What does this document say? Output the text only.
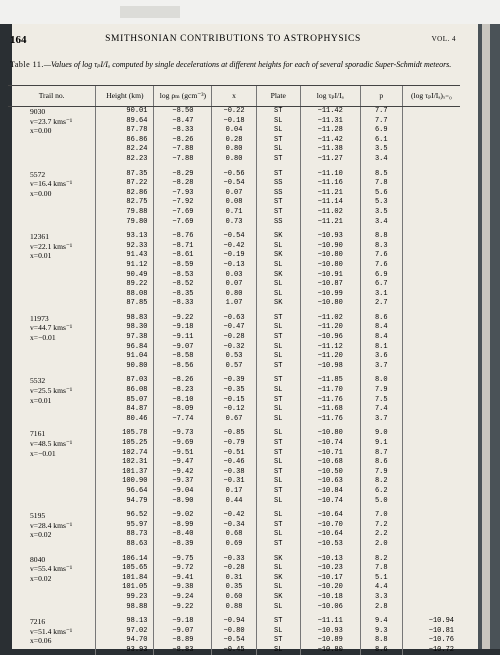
164	SMITHSONIAN CONTRIBUTIONS TO ASTROPHYSICS	VOL. 4
Table 11.—Values of log τₚI/Iₐ computed by single decelerations at different heights for each of several sporadic Super-Schmidt meteors.
Trail no.	Height (km)	log ρₘ (gcm⁻³)	x	Plate	log τₚI/Iₐ	p	(log τₚI/Iₐ)ₓ₌₀
9030	90.01	−8.50	−0.22	ST	−11.42	7.7	
v=23.7 kms⁻¹	89.64	−8.47	−0.18	SL	−11.31	7.7	
x=0.00	87.78	−8.33	0.04	SL	−11.28	6.9	
	86.86	−8.26	0.28	ST	−11.42	6.1	
	82.24	−7.88	0.80	SL	−11.38	3.5	
	82.23	−7.88	0.80	ST	−11.27	3.4	
5572	87.35	−8.29	−0.56	ST	−11.10	8.5	
v=16.4 kms⁻¹	87.22	−8.28	−0.54	SS	−11.16	7.8	
x=0.00	82.86	−7.93	0.07	SS	−11.21	5.6	
	82.75	−7.92	0.08	ST	−11.14	5.3	
	79.88	−7.69	0.71	ST	−11.02	3.5	
	79.80	−7.69	0.73	SS	−11.21	3.4	
12361	93.13	−8.76	−0.54	SK	−10.93	8.8	
v=22.1 kms⁻¹	92.33	−8.71	−0.42	SL	−10.90	8.3	
x=0.01	91.43	−8.61	−0.19	SK	−10.80	7.6	
	91.12	−8.59	−0.13	SL	−10.80	7.6	
	90.49	−8.53	0.03	SK	−10.91	6.9	
	89.22	−8.52	0.07	SL	−10.87	6.7	
	88.08	−8.35	0.80	SL	−10.99	3.1	
	87.85	−8.33	1.07	SK	−10.80	2.7	
11973	98.83	−9.22	−0.63	ST	−11.02	8.6	
v=44.7 kms⁻¹	98.30	−9.18	−0.47	SL	−11.20	8.4	
x=−0.01	97.38	−9.11	−0.28	ST	−10.96	8.4	
	96.84	−9.07	−0.32	SL	−11.12	8.1	
	91.04	−8.58	0.53	SL	−11.20	3.6	
	90.80	−8.56	0.57	ST	−10.98	3.7	
5532	87.03	−8.26	−0.39	ST	−11.85	8.0	
v=25.5 kms⁻¹	86.08	−8.23	−0.35	SL	−11.70	7.9	
x=0.01	85.07	−8.10	−0.15	ST	−11.76	7.5	
	84.87	−8.09	−0.12	SL	−11.68	7.4	
	80.46	−7.74	0.67	SL	−11.76	3.7	
7161	105.78	−9.73	−0.85	SL	−10.80	9.0	
v=48.5 kms⁻¹	105.25	−9.69	−0.79	ST	−10.74	9.1	
x=−0.01	102.74	−9.51	−0.51	ST	−10.71	8.7	
	102.31	−9.47	−0.46	SL	−10.68	8.6	
	101.37	−9.42	−0.38	ST	−10.50	7.9	
	100.90	−9.37	−0.31	SL	−10.63	8.2	
	96.64	−9.04	0.17	ST	−10.84	6.2	
	94.79	−8.90	0.44	SL	−10.74	5.0	
5195	96.52	−9.02	−0.42	SL	−10.64	7.0	
v=28.4 kms⁻¹	95.97	−8.99	−0.34	ST	−10.70	7.2	
x=0.02	88.73	−8.40	0.68	SL	−10.64	2.2	
	88.63	−8.39	0.69	ST	−10.53	2.0	
8040	106.14	−9.75	−0.33	SK	−10.13	8.2	
v=55.4 kms⁻¹	105.65	−9.72	−0.28	SL	−10.23	7.8	
x=0.02	101.84	−9.41	0.31	SK	−10.17	5.1	
	101.05	−9.38	0.35	SL	−10.20	4.4	
	99.23	−9.24	0.60	SK	−10.18	3.3	
	98.88	−9.22	0.88	SL	−10.06	2.8	
7216	98.13	−9.18	−0.94	ST	−11.11	9.4	−10.94
v=51.4 kms⁻¹	97.02	−9.07	−0.80	SL	−10.93	9.3	−10.81
x=0.06	94.70	−8.89	−0.54	ST	−10.89	8.8	−10.76
	93.93	−8.83	−0.45	SL	−10.80	8.6	−10.72
